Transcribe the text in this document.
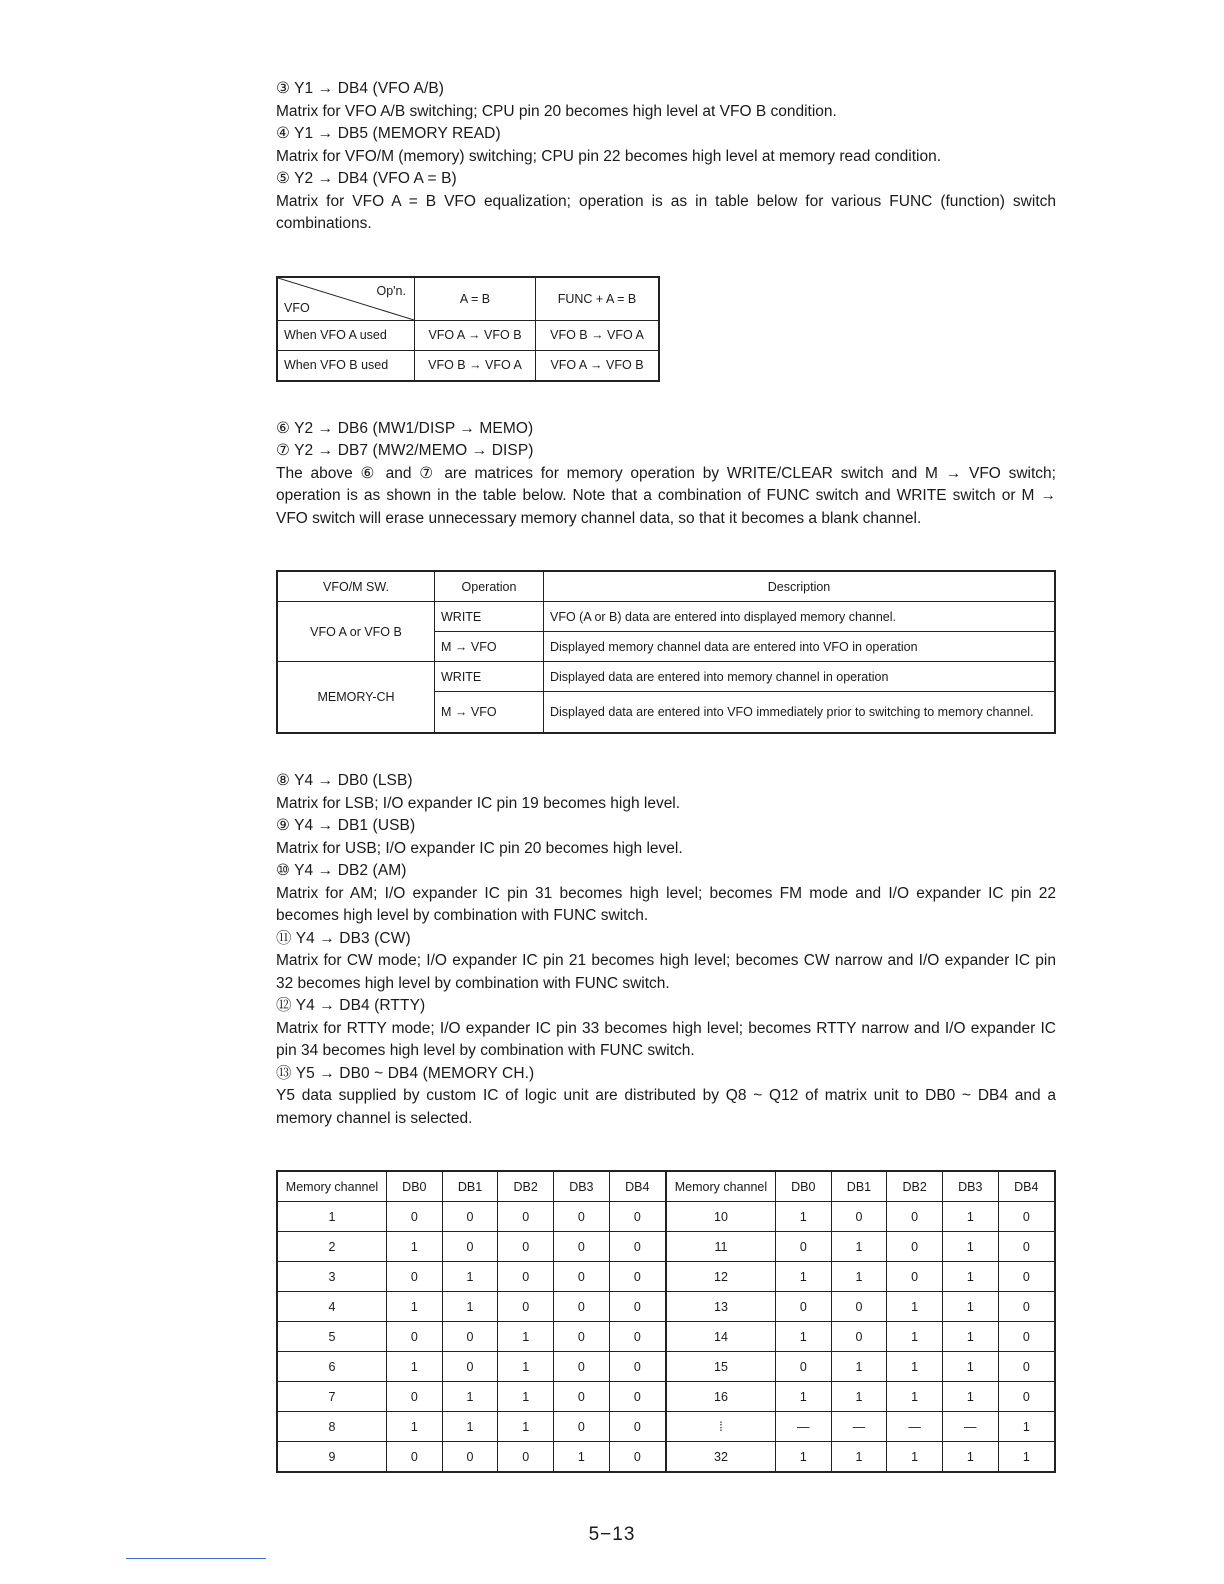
③ Y1 → DB4 (VFO A/B)

Matrix for VFO A/B switching; CPU pin 20 becomes high level at VFO B condition.

④ Y1 → DB5 (MEMORY READ)

Matrix for VFO/M (memory) switching; CPU pin 22 becomes high level at memory read condition.

⑤ Y2 → DB4 (VFO A = B)

Matrix for VFO A = B VFO equalization; operation is as in table below for various FUNC (function) switch combinations.

Op'n.
VFO	A = B	FUNC + A = B
When VFO A used	VFO A → VFO B	VFO B → VFO A
When VFO B used	VFO B → VFO A	VFO A → VFO B

⑥ Y2 → DB6 (MW1/DISP → MEMO)

⑦ Y2 → DB7 (MW2/MEMO → DISP)

The above ⑥ and ⑦ are matrices for memory operation by WRITE/CLEAR switch and M → VFO switch; operation is as shown in the table below. Note that a combination of FUNC switch and WRITE switch or M → VFO switch will erase unnecessary memory channel data, so that it becomes a blank channel.

VFO/M SW.	Operation	Description
VFO A or VFO B	WRITE	VFO (A or B) data are entered into displayed memory channel.
	M → VFO	Displayed memory channel data are entered into VFO in operation
MEMORY-CH	WRITE	Displayed data are entered into memory channel in operation
	M → VFO	Displayed data are entered into VFO immediately prior to switching to memory channel.

⑧ Y4 → DB0 (LSB)

Matrix for LSB; I/O expander IC pin 19 becomes high level.

⑨ Y4 → DB1 (USB)

Matrix for USB; I/O expander IC pin 20 becomes high level.

⑩ Y4 → DB2 (AM)

Matrix for AM; I/O expander IC pin 31 becomes high level; becomes FM mode and I/O expander IC pin 22 becomes high level by combination with FUNC switch.

⑪ Y4 → DB3 (CW)

Matrix for CW mode; I/O expander IC pin 21 becomes high level; becomes CW narrow and I/O expander IC pin 32 becomes high level by combination with FUNC switch.

⑫ Y4 → DB4 (RTTY)

Matrix for RTTY mode; I/O expander IC pin 33 becomes high level; becomes RTTY narrow and I/O expander IC pin 34 becomes high level by combination with FUNC switch.

⑬ Y5 → DB0 ~ DB4 (MEMORY CH.)

Y5 data supplied by custom IC of logic unit are distributed by Q8 ~ Q12 of matrix unit to DB0 ~ DB4 and a memory channel is selected.

Memory channel	DB0	DB1	DB2	DB3	DB4	Memory channel	DB0	DB1	DB2	DB3	DB4
1	0	0	0	0	0	10	1	0	0	1	0
2	1	0	0	0	0	11	0	1	0	1	0
3	0	1	0	0	0	12	1	1	0	1	0
4	1	1	0	0	0	13	0	0	1	1	0
5	0	0	1	0	0	14	1	0	1	1	0
6	1	0	1	0	0	15	0	1	1	1	0
7	0	1	1	0	0	16	1	1	1	1	0
8	1	1	1	0	0	⁞	—	—	—	—	1
9	0	0	0	1	0	32	1	1	1	1	1
5−13
